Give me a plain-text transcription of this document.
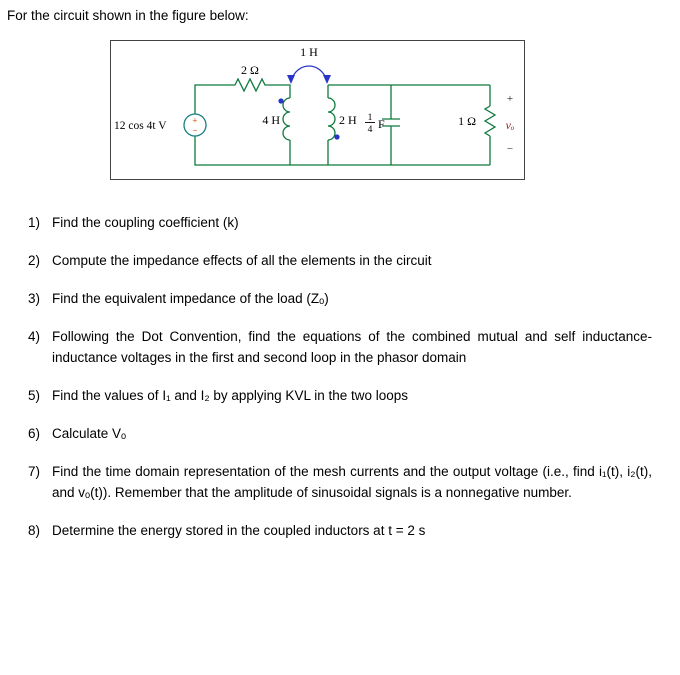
For the circuit shown in the figure below:
2 Ω
+
−
12 cos 4t V	4 H	2 H
1 H
1
4 F	1 Ω
+
vₒ
−
1) Find the coupling coefficient (k)
2) Compute the impedance effects of all the elements in the circuit
3) Find the equivalent impedance of the load (Zₒ)
4) Following the Dot Convention, find the equations of the combined mutual and self inductance-inductance voltages in the first and second loop in the phasor domain
5) Find the values of I₁ and I₂ by applying KVL in the two loops
6) Calculate Vₒ
7) Find the time domain representation of the mesh currents and the output voltage (i.e., find i₁(t), i₂(t), and vₒ(t)). Remember that the amplitude of sinusoidal signals is a nonnegative number.
8) Determine the energy stored in the coupled inductors at t = 2 s
